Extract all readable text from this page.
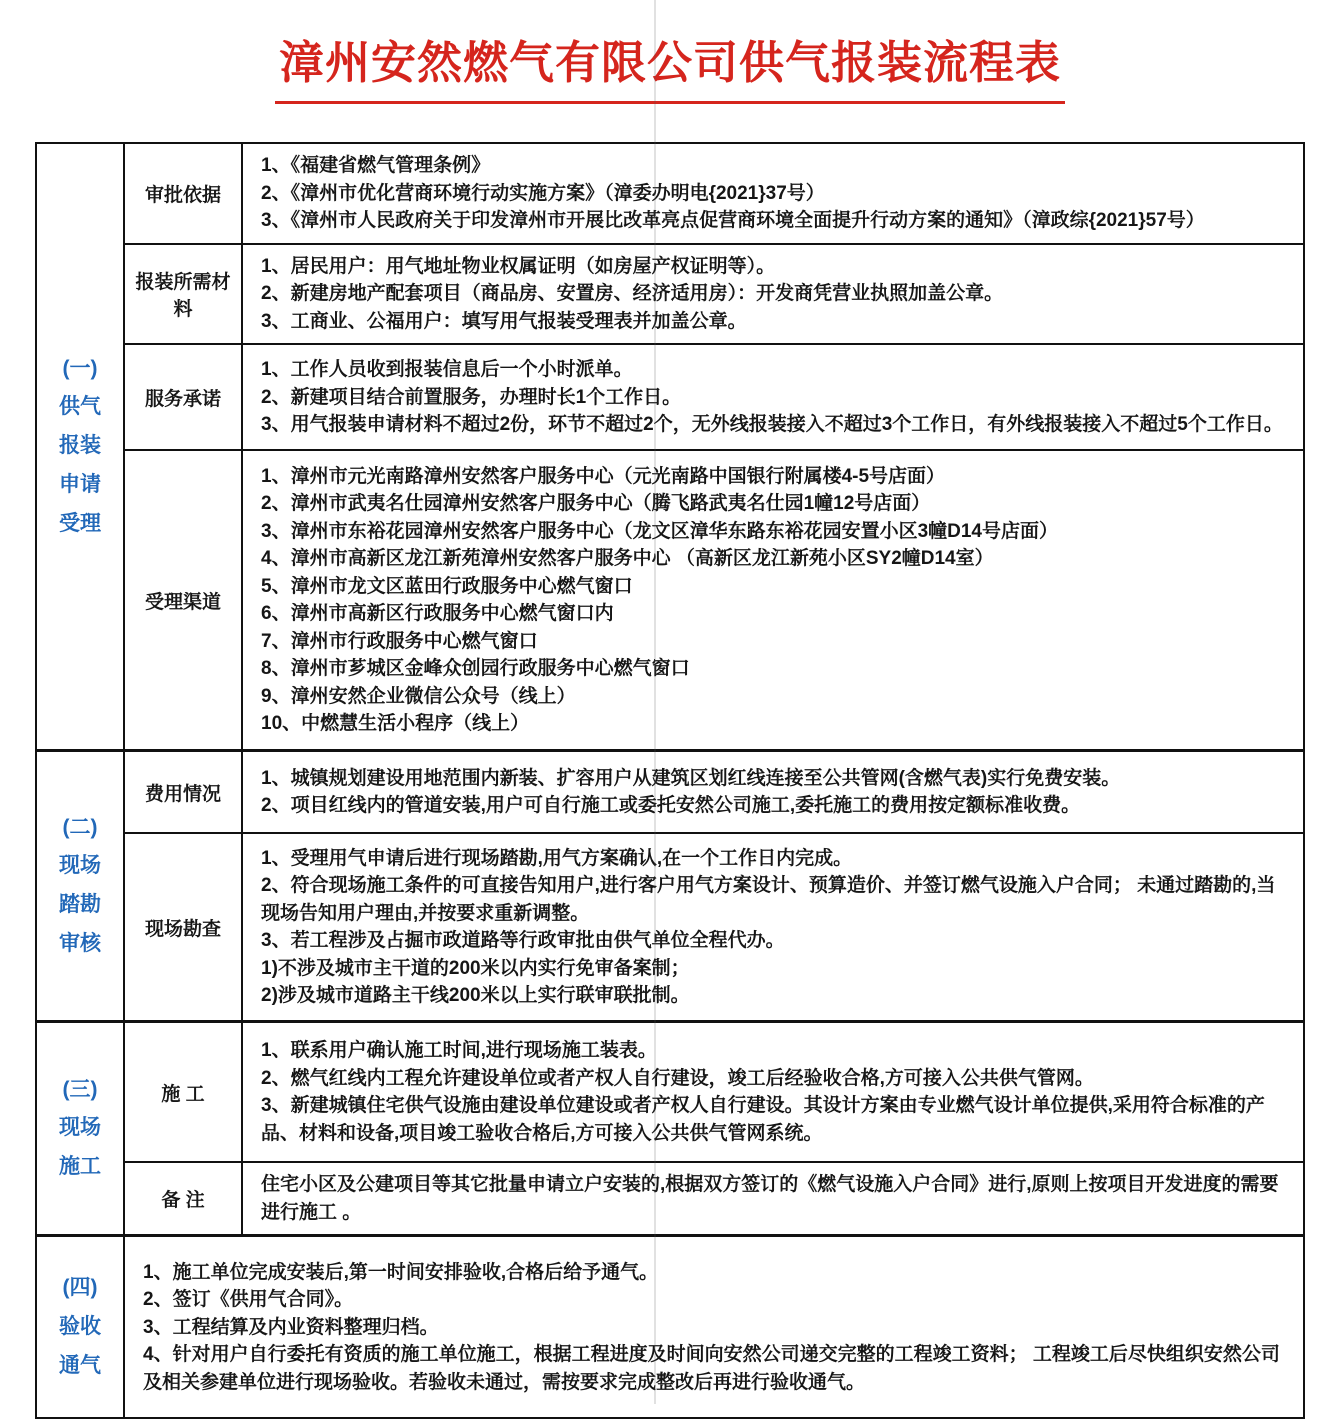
漳州安然燃气有限公司供气报装流程表
(一)
供气
报装
申请
受理
审批依据
1、《福建省燃气管理条例》
2、《漳州市优化营商环境行动实施方案》（漳委办明电{2021}37号）
3、《漳州市人民政府关于印发漳州市开展比改革亮点促营商环境全面提升行动方案的通知》（漳政综{2021}57号）
报装所需材料
1、居民用户：用气地址物业权属证明（如房屋产权证明等）。
2、新建房地产配套项目（商品房、安置房、经济适用房）：开发商凭营业执照加盖公章。
3、工商业、公福用户：填写用气报装受理表并加盖公章。
服务承诺
1、工作人员收到报装信息后一个小时派单。
2、新建项目结合前置服务，办理时长1个工作日。
3、用气报装申请材料不超过2份，环节不超过2个，无外线报装接入不超过3个工作日，有外线报装接入不超过5个工作日。
受理渠道
1、漳州市元光南路漳州安然客户服务中心（元光南路中国银行附属楼4-5号店面）
2、漳州市武夷名仕园漳州安然客户服务中心（腾飞路武夷名仕园1幢12号店面）
3、漳州市东裕花园漳州安然客户服务中心（龙文区漳华东路东裕花园安置小区3幢D14号店面）
4、漳州市高新区龙江新苑漳州安然客户服务中心 （高新区龙江新苑小区SY2幢D14室）
5、漳州市龙文区蓝田行政服务中心燃气窗口
6、漳州市高新区行政服务中心燃气窗口内
7、漳州市行政服务中心燃气窗口
8、漳州市芗城区金峰众创园行政服务中心燃气窗口
9、漳州安然企业微信公众号（线上）
10、中燃慧生活小程序（线上）
(二)
现场
踏勘
审核
费用情况
1、城镇规划建设用地范围内新装、扩容用户从建筑区划红线连接至公共管网(含燃气表)实行免费安装。
2、项目红线内的管道安装,用户可自行施工或委托安然公司施工,委托施工的费用按定额标准收费。
现场勘查
1、受理用气申请后进行现场踏勘,用气方案确认,在一个工作日内完成。
2、符合现场施工条件的可直接告知用户,进行客户用气方案设计、预算造价、并签订燃气设施入户合同； 未通过踏勘的,当现场告知用户理由,并按要求重新调整。
3、若工程涉及占掘市政道路等行政审批由供气单位全程代办。
1)不涉及城市主干道的200米以内实行免审备案制；
2)涉及城市道路主干线200米以上实行联审联批制。
(三)
现场
施工
施 工
1、联系用户确认施工时间,进行现场施工装表。
2、燃气红线内工程允许建设单位或者产权人自行建设，竣工后经验收合格,方可接入公共供气管网。
3、新建城镇住宅供气设施由建设单位建设或者产权人自行建设。其设计方案由专业燃气设计单位提供,采用符合标准的产品、材料和设备,项目竣工验收合格后,方可接入公共供气管网系统。
备 注
住宅小区及公建项目等其它批量申请立户安装的,根据双方签订的《燃气设施入户合同》进行,原则上按项目开发进度的需要进行施工 。
(四)
验收
通气
1、施工单位完成安装后,第一时间安排验收,合格后给予通气。
2、签订《供用气合同》。
3、工程结算及内业资料整理归档。
4、针对用户自行委托有资质的施工单位施工，根据工程进度及时间向安然公司递交完整的工程竣工资料； 工程竣工后尽快组织安然公司及相关参建单位进行现场验收。若验收未通过，需按要求完成整改后再进行验收通气。
